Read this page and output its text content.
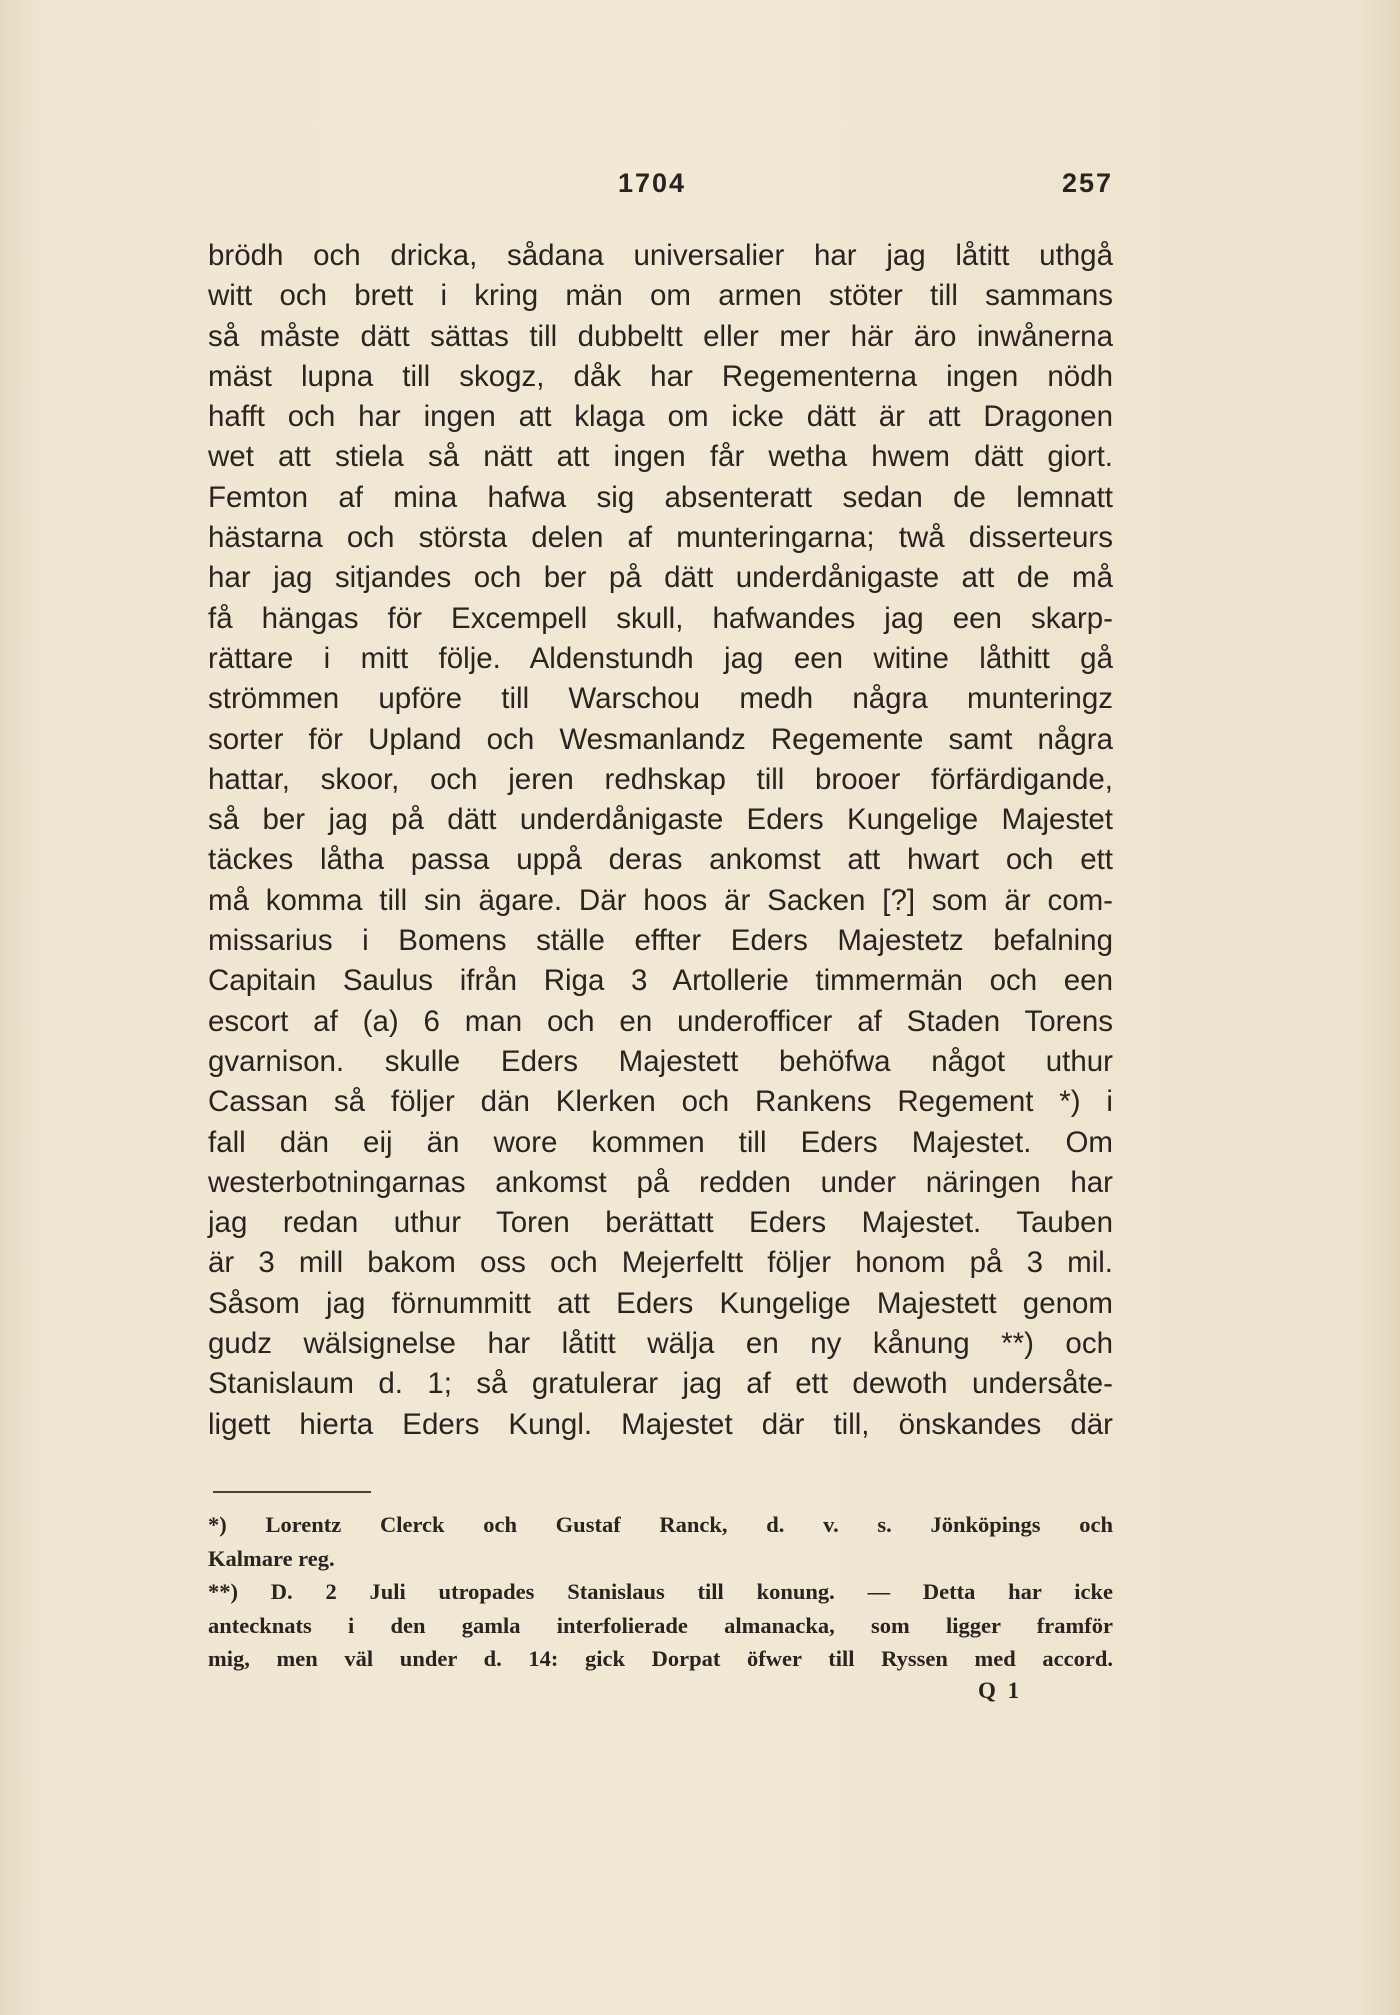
1704	257
brödh och dricka, sådana universalier har jag låtitt uthgå
witt och brett i kring män om armen stöter till sammans
så måste dätt sättas till dubbeltt eller mer här äro inwånerna
mäst lupna till skogz, dåk har Regementerna ingen nödh
hafft och har ingen att klaga om icke dätt är att Dragonen
wet att stiela så nätt att ingen får wetha hwem dätt giort.
Femton af mina hafwa sig absenteratt sedan de lemnatt
hästarna och största delen af munteringarna; twå disserteurs
har jag sitjandes och ber på dätt underdånigaste att de må
få hängas för Excempell skull, hafwandes jag een skarp-
rättare i mitt följe. Aldenstundh jag een witine låthitt gå
strömmen upföre till Warschou medh några munteringz
sorter för Upland och Wesmanlandz Regemente samt några
hattar, skoor, och jeren redhskap till brooer förfärdigande,
så ber jag på dätt underdånigaste Eders Kungelige Majestet
täckes låtha passa uppå deras ankomst att hwart och ett
må komma till sin ägare. Där hoos är Sacken [?] som är com-
missarius i Bomens ställe effter Eders Majestetz befalning
Capitain Saulus ifrån Riga 3 Artollerie timmermän och een
escort af (a) 6 man och en underofficer af Staden Torens
gvarnison. skulle Eders Majestett behöfwa något uthur
Cassan så följer dän Klerken och Rankens Regement *) i
fall dän eij än wore kommen till Eders Majestet. Om
westerbotningarnas ankomst på redden under näringen har
jag redan uthur Toren berättatt Eders Majestet. Tauben
är 3 mill bakom oss och Mejerfeltt följer honom på 3 mil.
Såsom jag förnummitt att Eders Kungelige Majestett genom
gudz wälsignelse har låtitt wälja en ny kånung **) och
Stanislaum d. 1; så gratulerar jag af ett dewoth undersåte-
ligett hierta Eders Kungl. Majestet där till, önskandes där
*) Lorentz Clerck och Gustaf Ranck, d. v. s. Jönköpings och
Kalmare reg.
**) D. 2 Juli utropades Stanislaus till konung. — Detta har icke
antecknats i den gamla interfolierade almanacka, som ligger framför
mig, men väl under d. 14: gick Dorpat öfwer till Ryssen med accord.
Q 1
